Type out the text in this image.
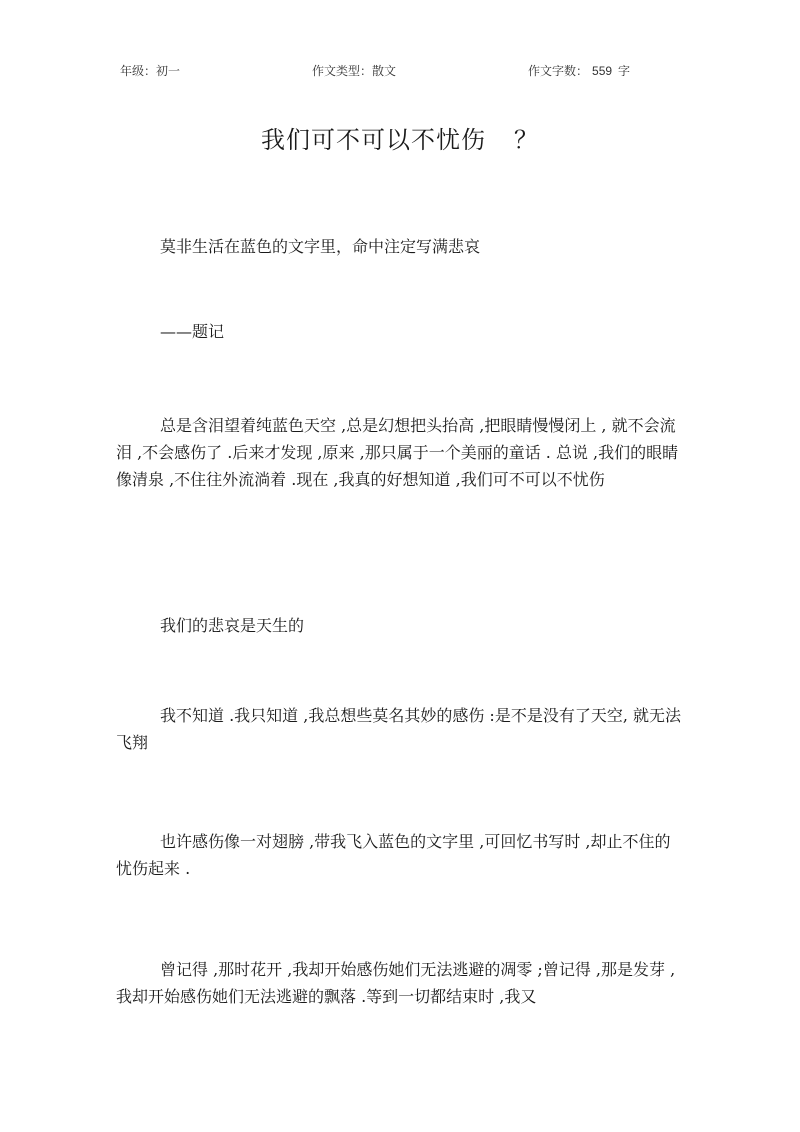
年级：初一	作文类型：散文	作文字数： 559 字
我们可不可以不忧伤 ？
莫非生活在蓝色的文字里，命中注定写满悲哀
——题记
总是含泪望着纯蓝色天空 ,总是幻想把头抬高 ,把眼睛慢慢闭上 , 就不会流泪 ,不会感伤了 .后来才发现 ,原来 ,那只属于一个美丽的童话 . 总说 ,我们的眼睛像清泉 ,不住往外流淌着 .现在 ,我真的好想知道 ,我们可不可以不忧伤
我们的悲哀是天生的
我不知道 .我只知道 ,我总想些莫名其妙的感伤 :是不是没有了天空, 就无法飞翔
也许感伤像一对翅膀 ,带我飞入蓝色的文字里 ,可回忆书写时 ,却止不住的忧伤起来 .
曾记得 ,那时花开 ,我却开始感伤她们无法逃避的凋零 ;曾记得 ,那是发芽 ,我却开始感伤她们无法逃避的飘落 .等到一切都结束时 ,我又
